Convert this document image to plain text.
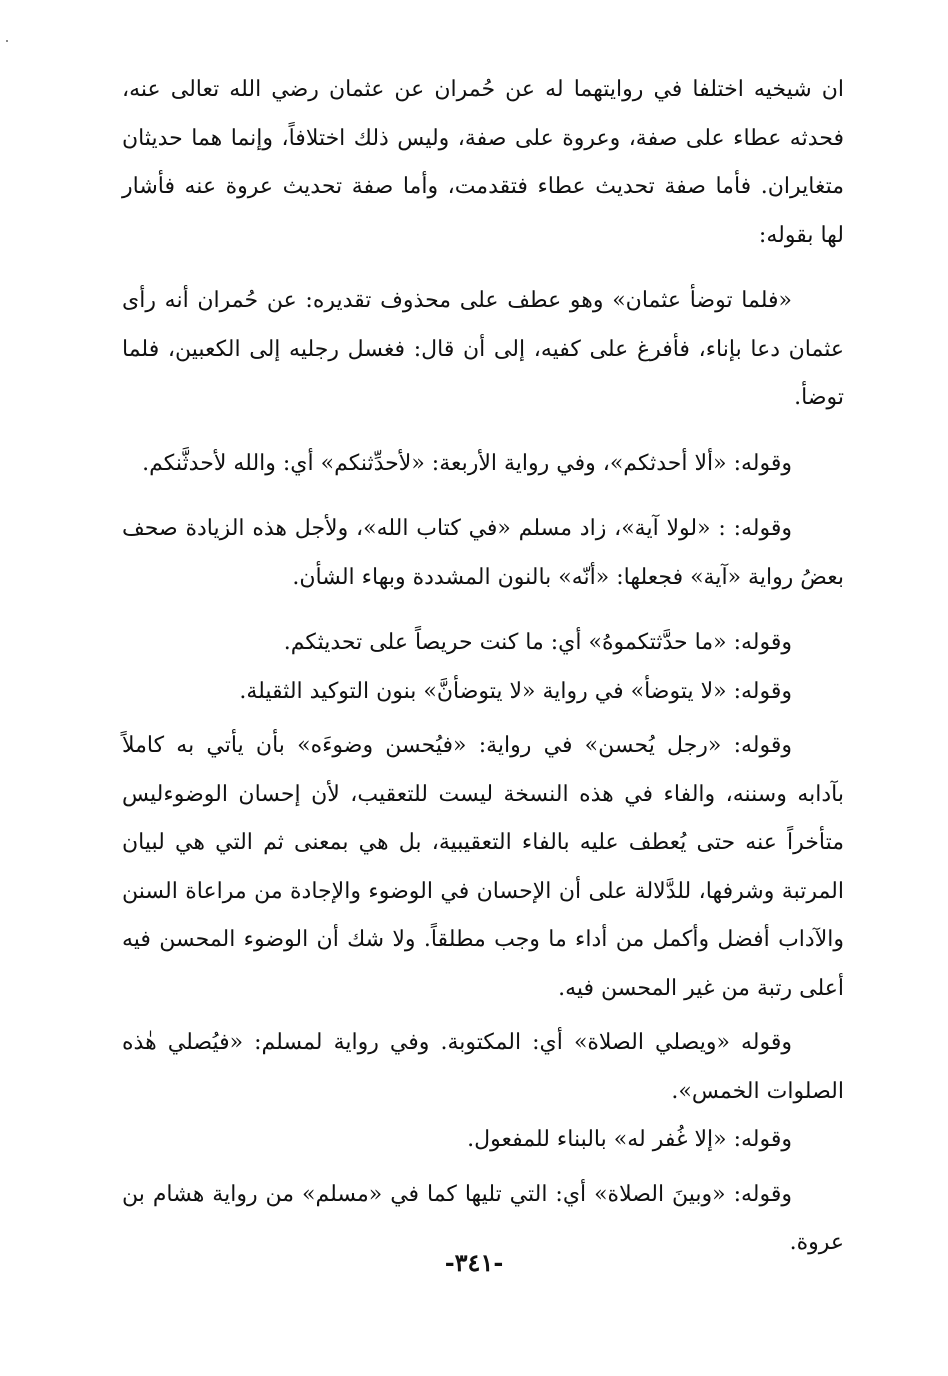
ان شيخيه اختلفا في روايتهما له عن حُمران عن عثمان رضي الله تعالى عنه، فحدثه عطاء على صفة، وعروة على صفة، وليس ذلك اختلافاً، وإنما هما حديثان متغايران. فأما صفة تحديث عطاء فتقدمت، وأما صفة تحديث عروة عنه فأشار لها بقوله:

«فلما توضأ عثمان» وهو عطف على محذوف تقديره: عن حُمران أنه رأى عثمان دعا بإناء، فأفرغ على كفيه، إلى أن قال: فغسل رجليه إلى الكعبين، فلما توضأ.

وقوله: «ألا أحدثكم»، وفي رواية الأربعة: «لأحدِّثنكم» أي: والله لأحدثَّنكم.

وقوله: : «لولا آية»، زاد مسلم «في كتاب الله»، ولأجل هذه الزيادة صحف بعضُ رواية «آية» فجعلها: «أنّه» بالنون المشددة وبهاء الشأن.

وقوله: «ما حدَّثتكموهُ» أي: ما كنت حريصاً على تحديثكم.

وقوله: «لا يتوضأ» في رواية «لا يتوضأنَّ» بنون التوكيد الثقيلة.

وقوله: «رجل يُحسن» في رواية: «فيُحسن وضوءَه» بأن يأتي به كاملاً بآدابه وسننه، والفاء في هذه النسخة ليست للتعقيب، لأن إحسان الوضوءليس متأخراً عنه حتى يُعطف عليه بالفاء التعقيبية، بل هي بمعنى ثم التي هي لبيان المرتبة وشرفها، للدَّلالة على أن الإحسان في الوضوء والإجادة من مراعاة السنن والآداب أفضل وأكمل من أداء ما وجب مطلقاً. ولا شك أن الوضوء المحسن فيه أعلى رتبة من غير المحسن فيه.

وقوله «ويصلي الصلاة» أي: المكتوبة. وفي رواية لمسلم: «فيُصلي هٰذه الصلوات الخمس».

وقوله: «إلا غُفر له» بالبناء للمفعول.

وقوله: «وبينَ الصلاة» أي: التي تليها كما في «مسلم» من رواية هشام بن عروة.

-٣٤١-
